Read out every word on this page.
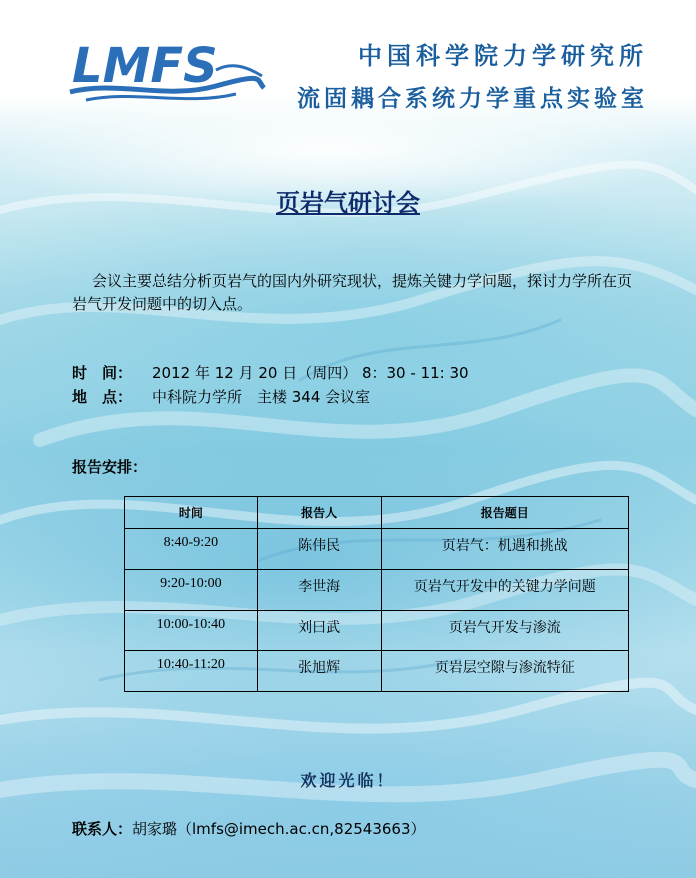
LMFS	中国科学院力学研究所
流固耦合系统力学重点实验室
页岩气研讨会

会议主要总结分析页岩气的国内外研究现状，提炼关键力学问题，探讨力学所在页岩气开发问题中的切入点。

时　间： 2012 年 12 月 20 日（周四） 8：30 - 11: 30
地　点： 中科院力学所　主楼 344 会议室
报告安排：
时间	报告人	报告题目
8:40-9:20	陈伟民	页岩气：机遇和挑战
9:20-10:00	李世海	页岩气开发中的关键力学问题
10:00-10:40	刘曰武	页岩气开发与渗流
10:40-11:20	张旭辉	页岩层空隙与渗流特征
欢迎光临！
联系人：胡家璐（lmfs@imech.ac.cn,82543663）
